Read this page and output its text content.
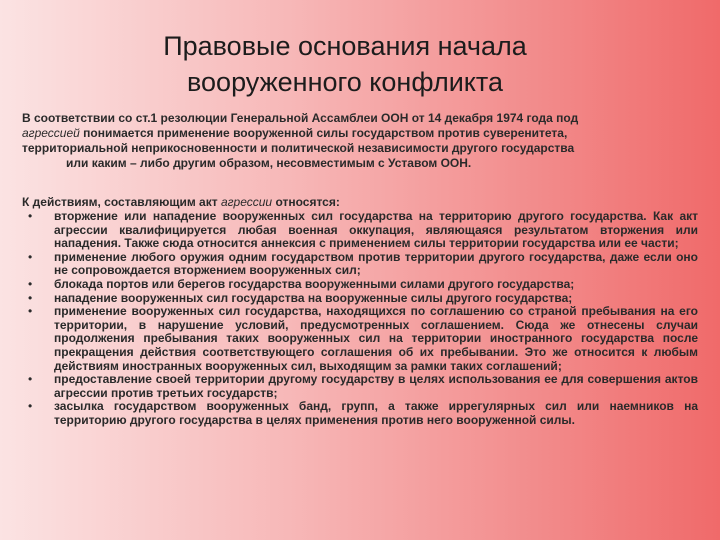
Правовые основания начала вооруженного конфликта
В соответствии со ст.1 резолюции Генеральной Ассамблеи ООН от 14 декабря 1974 года под
агрессией понимается применение вооруженной силы государством против суверенитета,
территориальной неприкосновенности и политической независимости другого государства
или каким – либо другим образом, несовместимым с Уставом ООН.
К действиям, составляющим акт агрессии относятся:
• вторжение или нападение вооруженных сил государства на территорию другого государства. Как акт агрессии квалифицируется любая военная оккупация, являющаяся результатом вторжения или нападения. Также сюда относится аннексия с применением силы территории государства или ее части;
• применение любого оружия одним государством против территории другого государства, даже если оно не сопровождается вторжением вооруженных сил;
• блокада портов или берегов государства вооруженными силами другого государства;
• нападение вооруженных сил государства на вооруженные силы другого государства;
• применение вооруженных сил государства, находящихся по соглашению со страной пребывания на его территории, в нарушение условий, предусмотренных соглашением. Сюда же отнесены случаи продолжения пребывания таких вооруженных сил на территории иностранного государства после прекращения действия соответствующего соглашения об их пребывании. Это же относится к любым действиям иностранных вооруженных сил, выходящим за рамки таких соглашений;
• предоставление своей территории другому государству в целях использования ее для совершения актов агрессии против третьих государств;
• засылка государством вооруженных банд, групп, а также иррегулярных сил или наемников на территорию другого государства в целях применения против него вооруженной силы.
